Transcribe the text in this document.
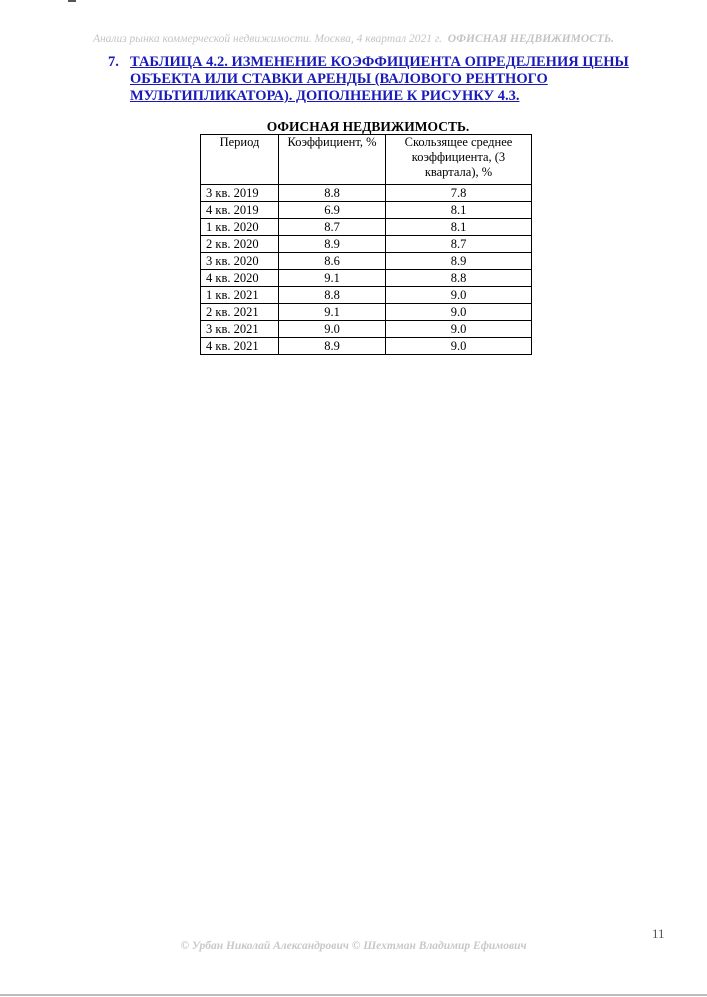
Анализ рынка коммерческой недвижимости. Москва, 4 квартал 2021 г. ОФИСНАЯ НЕДВИЖИМОСТЬ.
7. ТАБЛИЦА 4.2. ИЗМЕНЕНИЕ КОЭФФИЦИЕНТА ОПРЕДЕЛЕНИЯ ЦЕНЫ ОБЪЕКТА ИЛИ СТАВКИ АРЕНДЫ (ВАЛОВОГО РЕНТНОГО МУЛЬТИПЛИКАТОРА). ДОПОЛНЕНИЕ К РИСУНКУ 4.3.
ОФИСНАЯ НЕДВИЖИМОСТЬ.
Период	Коэффициент, %	Скользящее среднее коэффициента, (3 квартала), %
3 кв. 2019	8.8	7.8
4 кв. 2019	6.9	8.1
1 кв. 2020	8.7	8.1
2 кв. 2020	8.9	8.7
3 кв. 2020	8.6	8.9
4 кв. 2020	9.1	8.8
1 кв. 2021	8.8	9.0
2 кв. 2021	9.1	9.0
3 кв. 2021	9.0	9.0
4 кв. 2021	8.9	9.0
11
© Урбан Николай Александрович © Шехтман Владимир Ефимович
